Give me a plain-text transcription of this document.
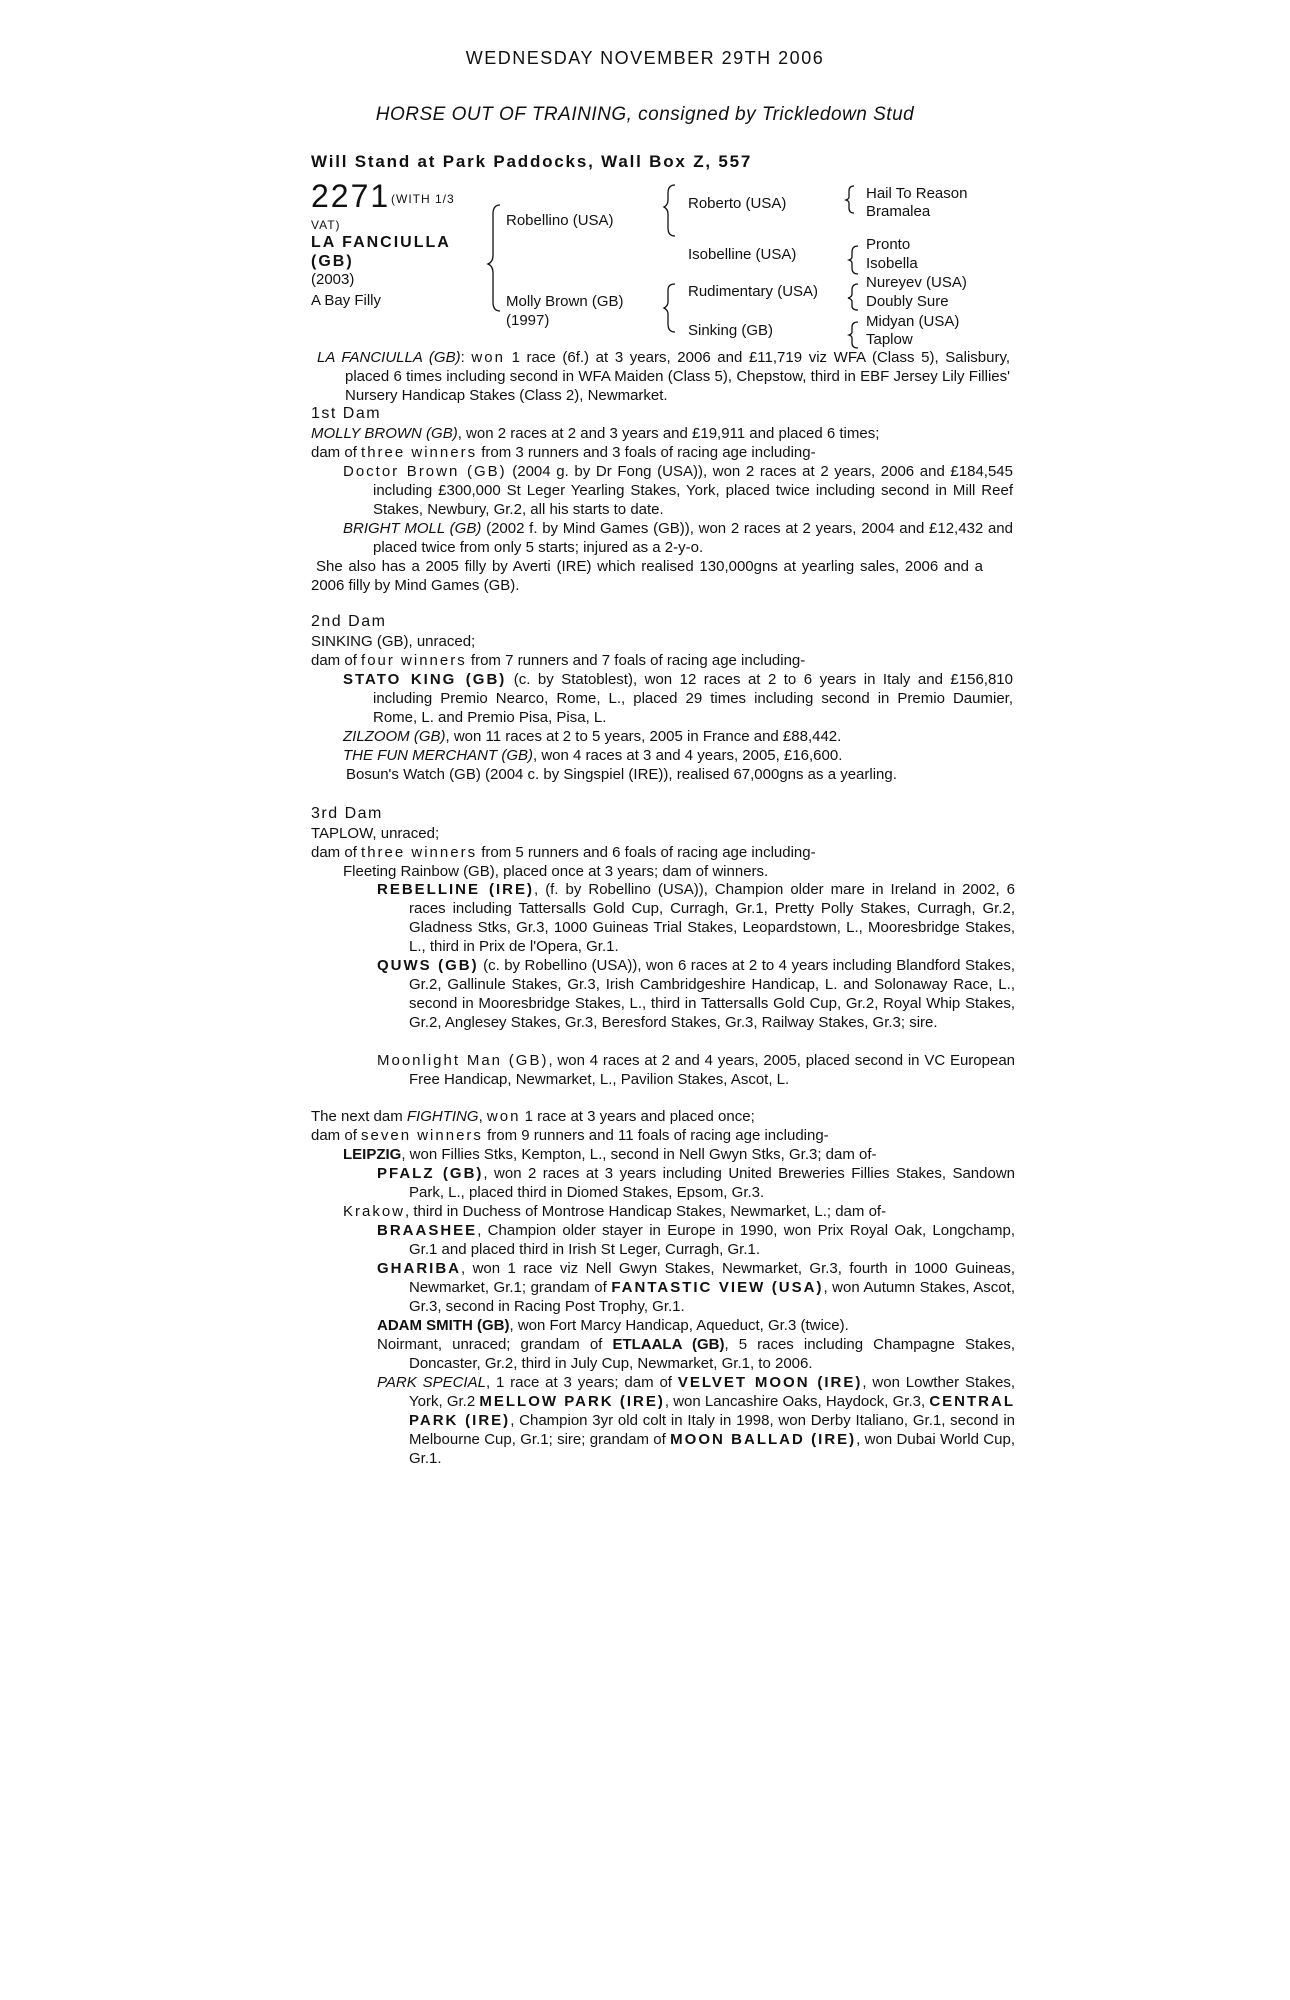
WEDNESDAY NOVEMBER 29TH 2006
HORSE OUT OF TRAINING, consigned by Trickledown Stud
Will Stand at Park Paddocks, Wall Box Z, 557
2271 (WITH 1/3
VAT)
LA FANCIULLA (GB)
(2003)
A Bay Filly
Robellino (USA)
Molly Brown (GB)
(1997)
Roberto (USA)
Isobelline (USA)
Rudimentary (USA)
Sinking (GB)
Hail To Reason
Bramalea
Pronto
Isobella
Nureyev (USA)
Doubly Sure
Midyan (USA)
Taplow
LA FANCIULLA (GB): won 1 race (6f.) at 3 years, 2006 and £11,719 viz WFA (Class 5), Salisbury, placed 6 times including second in WFA Maiden (Class 5), Chepstow, third in EBF Jersey Lily Fillies' Nursery Handicap Stakes (Class 2), Newmarket.
1st Dam
MOLLY BROWN (GB), won 2 races at 2 and 3 years and £19,911 and placed 6 times;
dam of three winners from 3 runners and 3 foals of racing age including-
Doctor Brown (GB) (2004 g. by Dr Fong (USA)), won 2 races at 2 years, 2006 and £184,545 including £300,000 St Leger Yearling Stakes, York, placed twice including second in Mill Reef Stakes, Newbury, Gr.2, all his starts to date.
BRIGHT MOLL (GB) (2002 f. by Mind Games (GB)), won 2 races at 2 years, 2004 and £12,432 and placed twice from only 5 starts; injured as a 2-y-o.
She also has a 2005 filly by Averti (IRE) which realised 130,000gns at yearling sales, 2006 and a 2006 filly by Mind Games (GB).
2nd Dam
SINKING (GB), unraced;
dam of four winners from 7 runners and 7 foals of racing age including-
STATO KING (GB) (c. by Statoblest), won 12 races at 2 to 6 years in Italy and £156,810 including Premio Nearco, Rome, L., placed 29 times including second in Premio Daumier, Rome, L. and Premio Pisa, Pisa, L.
ZILZOOM (GB), won 11 races at 2 to 5 years, 2005 in France and £88,442.
THE FUN MERCHANT (GB), won 4 races at 3 and 4 years, 2005, £16,600.
Bosun's Watch (GB) (2004 c. by Singspiel (IRE)), realised 67,000gns as a yearling.
3rd Dam
TAPLOW, unraced;
dam of three winners from 5 runners and 6 foals of racing age including-
Fleeting Rainbow (GB), placed once at 3 years; dam of winners.
REBELLINE (IRE), (f. by Robellino (USA)), Champion older mare in Ireland in 2002, 6 races including Tattersalls Gold Cup, Curragh, Gr.1, Pretty Polly Stakes, Curragh, Gr.2, Gladness Stks, Gr.3, 1000 Guineas Trial Stakes, Leopardstown, L., Mooresbridge Stakes, L., third in Prix de l'Opera, Gr.1.
QUWS (GB) (c. by Robellino (USA)), won 6 races at 2 to 4 years including Blandford Stakes, Gr.2, Gallinule Stakes, Gr.3, Irish Cambridgeshire Handicap, L. and Solonaway Race, L., second in Mooresbridge Stakes, L., third in Tattersalls Gold Cup, Gr.2, Royal Whip Stakes, Gr.2, Anglesey Stakes, Gr.3, Beresford Stakes, Gr.3, Railway Stakes, Gr.3; sire.
Moonlight Man (GB), won 4 races at 2 and 4 years, 2005, placed second in VC European Free Handicap, Newmarket, L., Pavilion Stakes, Ascot, L.
The next dam FIGHTING, won 1 race at 3 years and placed once;
dam of seven winners from 9 runners and 11 foals of racing age including-
LEIPZIG, won Fillies Stks, Kempton, L., second in Nell Gwyn Stks, Gr.3; dam of-
PFALZ (GB), won 2 races at 3 years including United Breweries Fillies Stakes, Sandown Park, L., placed third in Diomed Stakes, Epsom, Gr.3.
Krakow, third in Duchess of Montrose Handicap Stakes, Newmarket, L.; dam of-
BRAASHEE, Champion older stayer in Europe in 1990, won Prix Royal Oak, Longchamp, Gr.1 and placed third in Irish St Leger, Curragh, Gr.1.
GHARIBA, won 1 race viz Nell Gwyn Stakes, Newmarket, Gr.3, fourth in 1000 Guineas, Newmarket, Gr.1; grandam of FANTASTIC VIEW (USA), won Autumn Stakes, Ascot, Gr.3, second in Racing Post Trophy, Gr.1.
ADAM SMITH (GB), won Fort Marcy Handicap, Aqueduct, Gr.3 (twice).
Noirmant, unraced; grandam of ETLAALA (GB), 5 races including Champagne Stakes, Doncaster, Gr.2, third in July Cup, Newmarket, Gr.1, to 2006.
PARK SPECIAL, 1 race at 3 years; dam of VELVET MOON (IRE), won Lowther Stakes, York, Gr.2 MELLOW PARK (IRE), won Lancashire Oaks, Haydock, Gr.3, CENTRAL PARK (IRE), Champion 3yr old colt in Italy in 1998, won Derby Italiano, Gr.1, second in Melbourne Cup, Gr.1; sire; grandam of MOON BALLAD (IRE), won Dubai World Cup, Gr.1.
